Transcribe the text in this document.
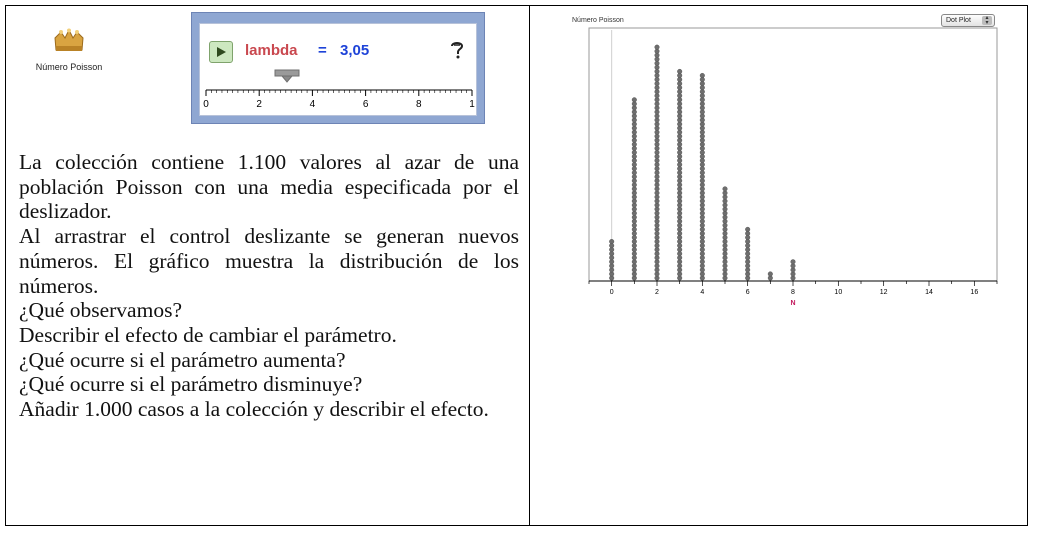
Número Poisson
lambda = 3,05
0	2	4	6	8	1

La colección contiene 1.100 valores al azar de una población Poisson con una media especificada por el deslizador.

Al arrastrar el control deslizante se generan nuevos números. El gráfico muestra la distribución de los números.

¿Qué observamos?

Describir el efecto de cambiar el parámetro.

¿Qué ocurre si el parámetro aumenta?

¿Qué ocurre si el parámetro disminuye?

Añadir 1.000 casos a la colección y describir el efecto.

Número Poisson	Dot Plot	▴
▾
0	2	4	6	8	10	12	14	16
N
